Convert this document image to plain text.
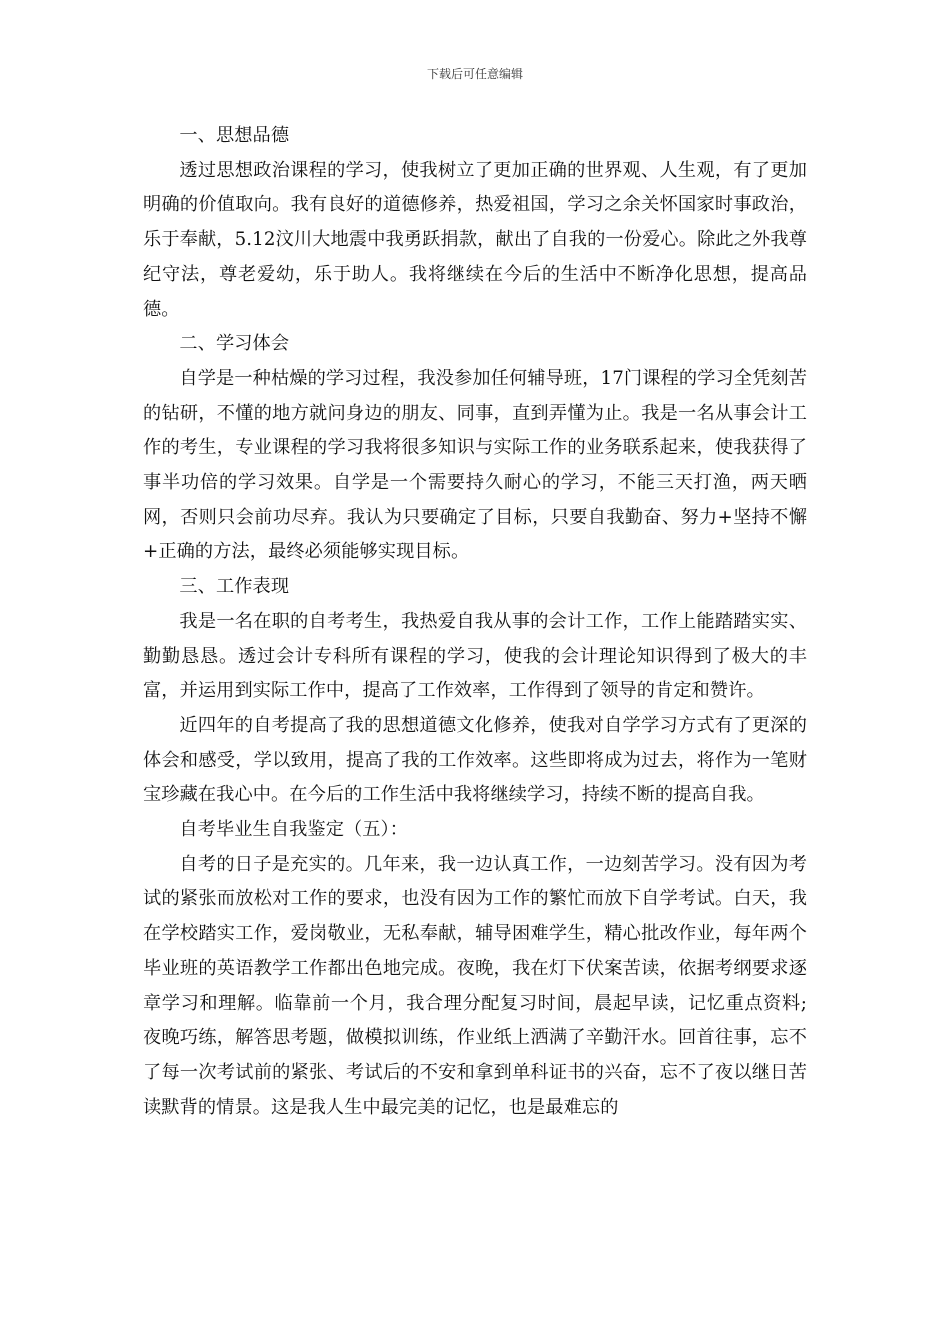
下载后可任意编辑

一、思想品德

透过思想政治课程的学习，使我树立了更加正确的世界观、人生观，有了更加明确的价值取向。我有良好的道德修养，热爱祖国，学习之余关怀国家时事政治，乐于奉献，5.12汶川大地震中我勇跃捐款，献出了自我的一份爱心。除此之外我尊纪守法，尊老爱幼，乐于助人。我将继续在今后的生活中不断净化思想，提高品德。

二、学习体会

自学是一种枯燥的学习过程，我没参加任何辅导班，17门课程的学习全凭刻苦的钻研，不懂的地方就问身边的朋友、同事，直到弄懂为止。我是一名从事会计工作的考生，专业课程的学习我将很多知识与实际工作的业务联系起来，使我获得了事半功倍的学习效果。自学是一个需要持久耐心的学习，不能三天打渔，两天晒网，否则只会前功尽弃。我认为只要确定了目标，只要自我勤奋、努力+坚持不懈+正确的方法，最终必须能够实现目标。

三、工作表现

我是一名在职的自考考生，我热爱自我从事的会计工作，工作上能踏踏实实、勤勤恳恳。透过会计专科所有课程的学习，使我的会计理论知识得到了极大的丰富，并运用到实际工作中，提高了工作效率，工作得到了领导的肯定和赞许。

近四年的自考提高了我的思想道德文化修养，使我对自学学习方式有了更深的体会和感受，学以致用，提高了我的工作效率。这些即将成为过去，将作为一笔财宝珍藏在我心中。在今后的工作生活中我将继续学习，持续不断的提高自我。

自考毕业生自我鉴定（五）：

自考的日子是充实的。几年来，我一边认真工作，一边刻苦学习。没有因为考试的紧张而放松对工作的要求，也没有因为工作的繁忙而放下自学考试。白天，我在学校踏实工作，爱岗敬业，无私奉献，辅导困难学生，精心批改作业，每年两个毕业班的英语教学工作都出色地完成。夜晚，我在灯下伏案苦读，依据考纲要求逐章学习和理解。临靠前一个月，我合理分配复习时间，晨起早读，记忆重点资料;夜晚巧练，解答思考题，做模拟训练，作业纸上洒满了辛勤汗水。回首往事，忘不了每一次考试前的紧张、考试后的不安和拿到单科证书的兴奋，忘不了夜以继日苦读默背的情景。这是我人生中最完美的记忆，也是最难忘的
